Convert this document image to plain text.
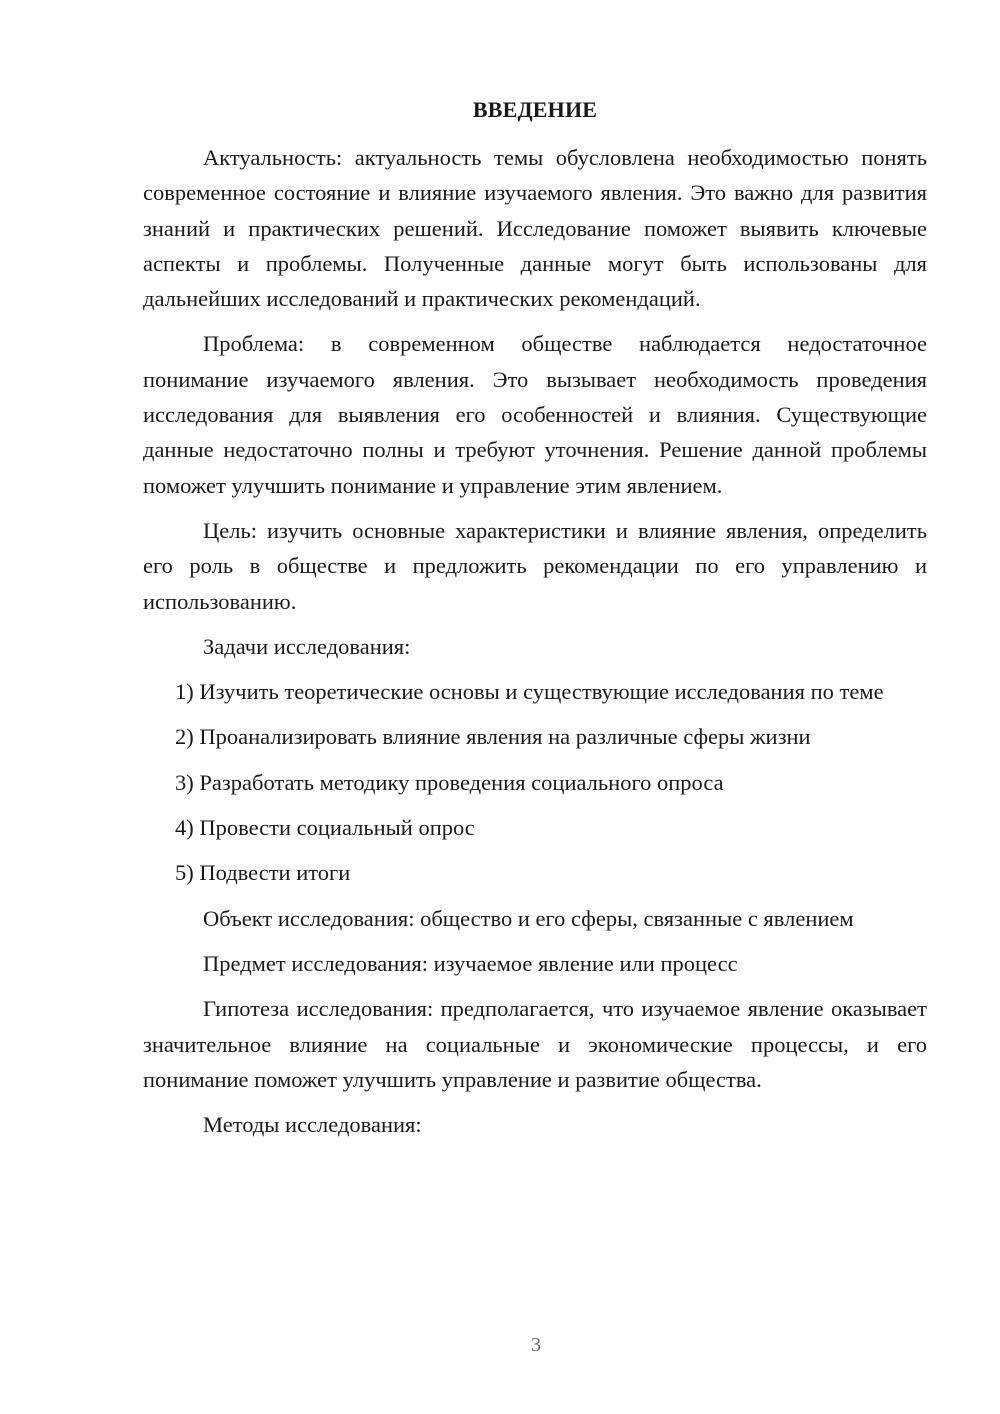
ВВЕДЕНИЕ

Актуальность: актуальность темы обусловлена необходимостью понять современное состояние и влияние изучаемого явления. Это важно для развития знаний и практических решений. Исследование поможет выявить ключевые аспекты и проблемы. Полученные данные могут быть использованы для дальнейших исследований и практических рекомендаций.

Проблема: в современном обществе наблюдается недостаточное понимание изучаемого явления. Это вызывает необходимость проведения исследования для выявления его особенностей и влияния. Существующие данные недостаточно полны и требуют уточнения. Решение данной проблемы поможет улучшить понимание и управление этим явлением.

Цель: изучить основные характеристики и влияние явления, определить его роль в обществе и предложить рекомендации по его управлению и использованию.

Задачи исследования:

1) Изучить теоретические основы и существующие исследования по теме

2) Проанализировать влияние явления на различные сферы жизни

3) Разработать методику проведения социального опроса

4) Провести социальный опрос

5) Подвести итоги

Объект исследования: общество и его сферы, связанные с явлением

Предмет исследования: изучаемое явление или процесс

Гипотеза исследования: предполагается, что изучаемое явление оказывает значительное влияние на социальные и экономические процессы, и его понимание поможет улучшить управление и развитие общества.

Методы исследования:

3
